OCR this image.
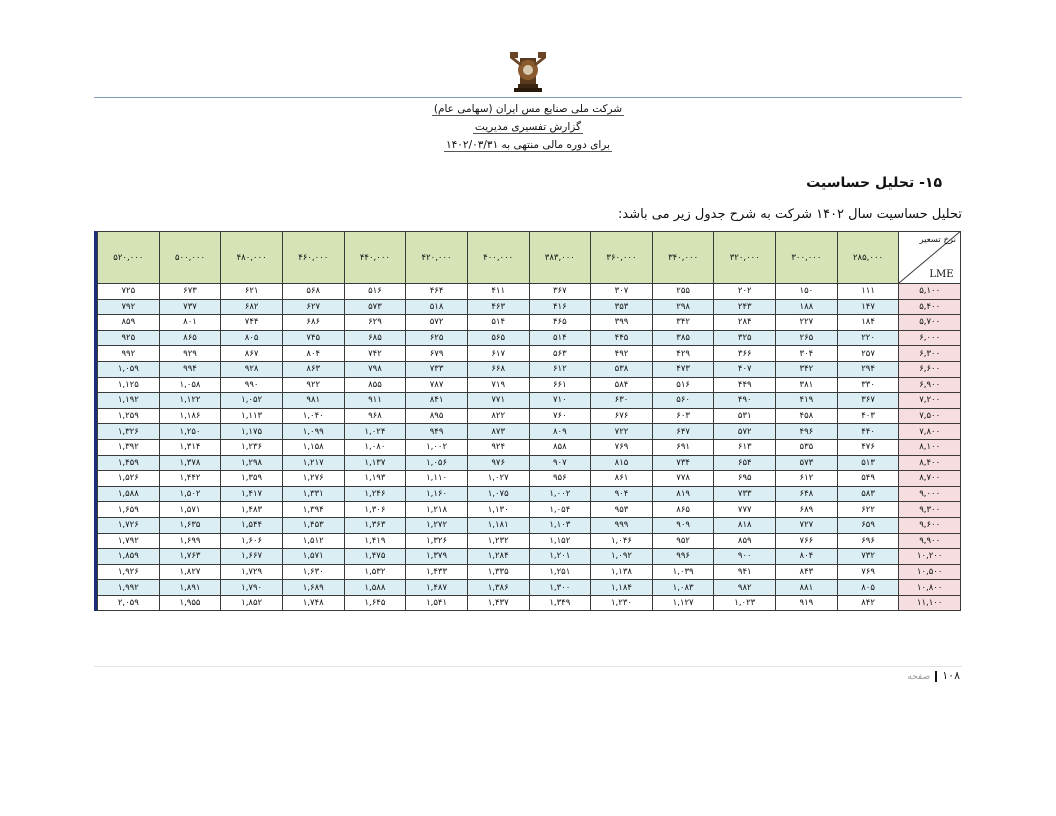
شرکت ملی صنایع مس ایران (سهامی عام)
گزارش تفسیری مدیریت
برای دوره مالی منتهی به ۱۴۰۲/۰۳/۳۱
۱۵- تحلیل حساسیت
تحلیل حساسیت سال ۱۴۰۲ شرکت به شرح جدول زیر می باشد:
نرخ تسعیر
LME	۲۸۵,۰۰۰	۳۰۰,۰۰۰	۳۲۰,۰۰۰	۳۴۰,۰۰۰	۳۶۰,۰۰۰	۳۸۳,۰۰۰	۴۰۰,۰۰۰	۴۲۰,۰۰۰	۴۴۰,۰۰۰	۴۶۰,۰۰۰	۴۸۰,۰۰۰	۵۰۰,۰۰۰	۵۲۰,۰۰۰
۵,۱۰۰	۱۱۱	۱۵۰	۲۰۲	۲۵۵	۳۰۷	۳۶۷	۴۱۱	۴۶۴	۵۱۶	۵۶۸	۶۲۱	۶۷۳	۷۲۵
۵,۴۰۰	۱۴۷	۱۸۸	۲۴۳	۲۹۸	۳۵۳	۴۱۶	۴۶۳	۵۱۸	۵۷۳	۶۲۷	۶۸۲	۷۳۷	۷۹۲
۵,۷۰۰	۱۸۴	۲۲۷	۲۸۴	۳۴۲	۳۹۹	۴۶۵	۵۱۴	۵۷۲	۶۲۹	۶۸۶	۷۴۴	۸۰۱	۸۵۹
۶,۰۰۰	۲۲۰	۲۶۵	۳۲۵	۳۸۵	۴۴۵	۵۱۴	۵۶۵	۶۲۵	۶۸۵	۷۴۵	۸۰۵	۸۶۵	۹۲۵
۶,۳۰۰	۲۵۷	۳۰۴	۳۶۶	۴۲۹	۴۹۲	۵۶۳	۶۱۷	۶۷۹	۷۴۲	۸۰۴	۸۶۷	۹۲۹	۹۹۲
۶,۶۰۰	۲۹۴	۳۴۲	۴۰۷	۴۷۳	۵۳۸	۶۱۲	۶۶۸	۷۳۳	۷۹۸	۸۶۳	۹۲۸	۹۹۴	۱,۰۵۹
۶,۹۰۰	۳۳۰	۳۸۱	۴۴۹	۵۱۶	۵۸۴	۶۶۱	۷۱۹	۷۸۷	۸۵۵	۹۲۲	۹۹۰	۱,۰۵۸	۱,۱۲۵
۷,۲۰۰	۳۶۷	۴۱۹	۴۹۰	۵۶۰	۶۳۰	۷۱۰	۷۷۱	۸۴۱	۹۱۱	۹۸۱	۱,۰۵۲	۱,۱۲۲	۱,۱۹۲
۷,۵۰۰	۴۰۳	۴۵۸	۵۳۱	۶۰۳	۶۷۶	۷۶۰	۸۲۲	۸۹۵	۹۶۸	۱,۰۴۰	۱,۱۱۳	۱,۱۸۶	۱,۲۵۹
۷,۸۰۰	۴۴۰	۴۹۶	۵۷۲	۶۴۷	۷۲۲	۸۰۹	۸۷۳	۹۴۹	۱,۰۲۴	۱,۰۹۹	۱,۱۷۵	۱,۲۵۰	۱,۳۲۶
۸,۱۰۰	۴۷۶	۵۳۵	۶۱۳	۶۹۱	۷۶۹	۸۵۸	۹۲۴	۱,۰۰۲	۱,۰۸۰	۱,۱۵۸	۱,۲۳۶	۱,۳۱۴	۱,۳۹۲
۸,۴۰۰	۵۱۳	۵۷۳	۶۵۴	۷۳۴	۸۱۵	۹۰۷	۹۷۶	۱,۰۵۶	۱,۱۳۷	۱,۲۱۷	۱,۲۹۸	۱,۳۷۸	۱,۴۵۹
۸,۷۰۰	۵۴۹	۶۱۲	۶۹۵	۷۷۸	۸۶۱	۹۵۶	۱,۰۲۷	۱,۱۱۰	۱,۱۹۳	۱,۲۷۶	۱,۳۵۹	۱,۴۴۲	۱,۵۲۶
۹,۰۰۰	۵۸۳	۶۴۸	۷۳۳	۸۱۹	۹۰۴	۱,۰۰۲	۱,۰۷۵	۱,۱۶۰	۱,۲۴۶	۱,۳۳۱	۱,۴۱۷	۱,۵۰۲	۱,۵۸۸
۹,۳۰۰	۶۲۲	۶۸۹	۷۷۷	۸۶۵	۹۵۳	۱,۰۵۴	۱,۱۳۰	۱,۲۱۸	۱,۳۰۶	۱,۳۹۴	۱,۴۸۳	۱,۵۷۱	۱,۶۵۹
۹,۶۰۰	۶۵۹	۷۲۷	۸۱۸	۹۰۹	۹۹۹	۱,۱۰۳	۱,۱۸۱	۱,۲۷۲	۱,۳۶۳	۱,۴۵۳	۱,۵۴۴	۱,۶۳۵	۱,۷۲۶
۹,۹۰۰	۶۹۶	۷۶۶	۸۵۹	۹۵۲	۱,۰۴۶	۱,۱۵۲	۱,۲۳۲	۱,۳۲۶	۱,۴۱۹	۱,۵۱۲	۱,۶۰۶	۱,۶۹۹	۱,۷۹۲
۱۰,۲۰۰	۷۳۲	۸۰۴	۹۰۰	۹۹۶	۱,۰۹۲	۱,۲۰۱	۱,۲۸۴	۱,۳۷۹	۱,۴۷۵	۱,۵۷۱	۱,۶۶۷	۱,۷۶۳	۱,۸۵۹
۱۰,۵۰۰	۷۶۹	۸۴۳	۹۴۱	۱,۰۳۹	۱,۱۳۸	۱,۲۵۱	۱,۳۳۵	۱,۴۳۳	۱,۵۳۲	۱,۶۳۰	۱,۷۲۹	۱,۸۲۷	۱,۹۲۶
۱۰,۸۰۰	۸۰۵	۸۸۱	۹۸۲	۱,۰۸۳	۱,۱۸۴	۱,۳۰۰	۱,۳۸۶	۱,۴۸۷	۱,۵۸۸	۱,۶۸۹	۱,۷۹۰	۱,۸۹۱	۱,۹۹۲
۱۱,۱۰۰	۸۴۲	۹۱۹	۱,۰۲۳	۱,۱۲۷	۱,۲۳۰	۱,۳۴۹	۱,۴۳۷	۱,۵۴۱	۱,۶۴۵	۱,۷۴۸	۱,۸۵۲	۱,۹۵۵	۲,۰۵۹
۱۰۸صفحه
